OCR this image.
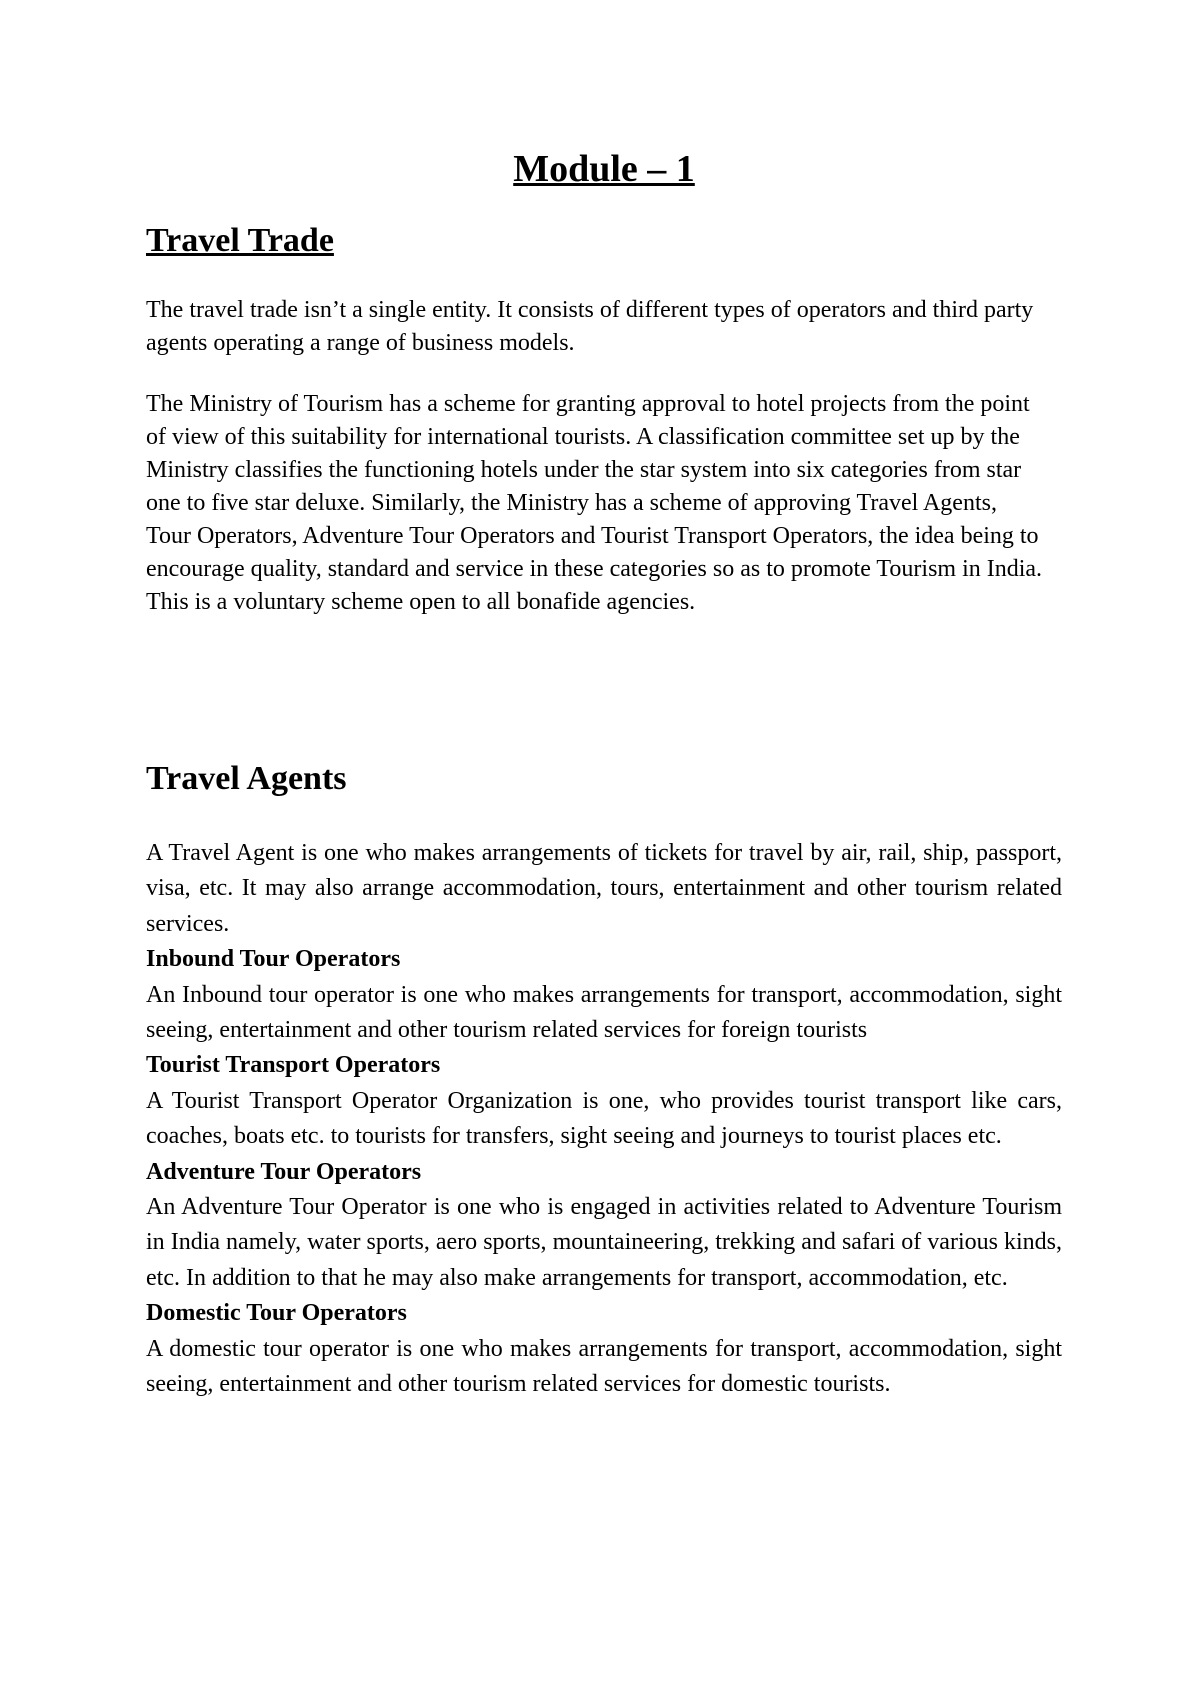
Module – 1
Travel Trade

The travel trade isn’t a single entity. It consists of different types of operators and third party agents operating a range of business models.

The Ministry of Tourism has a scheme for granting approval to hotel projects from the point of view of this suitability for international tourists. A classification committee set up by the Ministry classifies the functioning hotels under the star system into six categories from star one to five star deluxe. Similarly, the Ministry has a scheme of approving Travel Agents, Tour Operators, Adventure Tour Operators and Tourist Transport Operators, the idea being to encourage quality, standard and service in these categories so as to promote Tourism in India. This is a voluntary scheme open to all bonafide agencies.

Travel Agents

A Travel Agent is one who makes arrangements of tickets for travel by air, rail, ship, passport, visa, etc. It may also arrange accommodation, tours, entertainment and other tourism related services.

Inbound Tour Operators

An Inbound tour operator is one who makes arrangements for transport, accommodation, sight seeing, entertainment and other tourism related services for foreign tourists

Tourist Transport Operators

A Tourist Transport Operator Organization is one, who provides tourist transport like cars, coaches, boats etc. to tourists for transfers, sight seeing and journeys to tourist places etc.

Adventure Tour Operators

An Adventure Tour Operator is one who is engaged in activities related to Adventure Tourism in India namely, water sports, aero sports, mountaineering, trekking and safari of various kinds, etc. In addition to that he may also make arrangements for transport, accommodation, etc.

Domestic Tour Operators

A domestic tour operator is one who makes arrangements for transport, accommodation, sight seeing, entertainment and other tourism related services for domestic tourists.
